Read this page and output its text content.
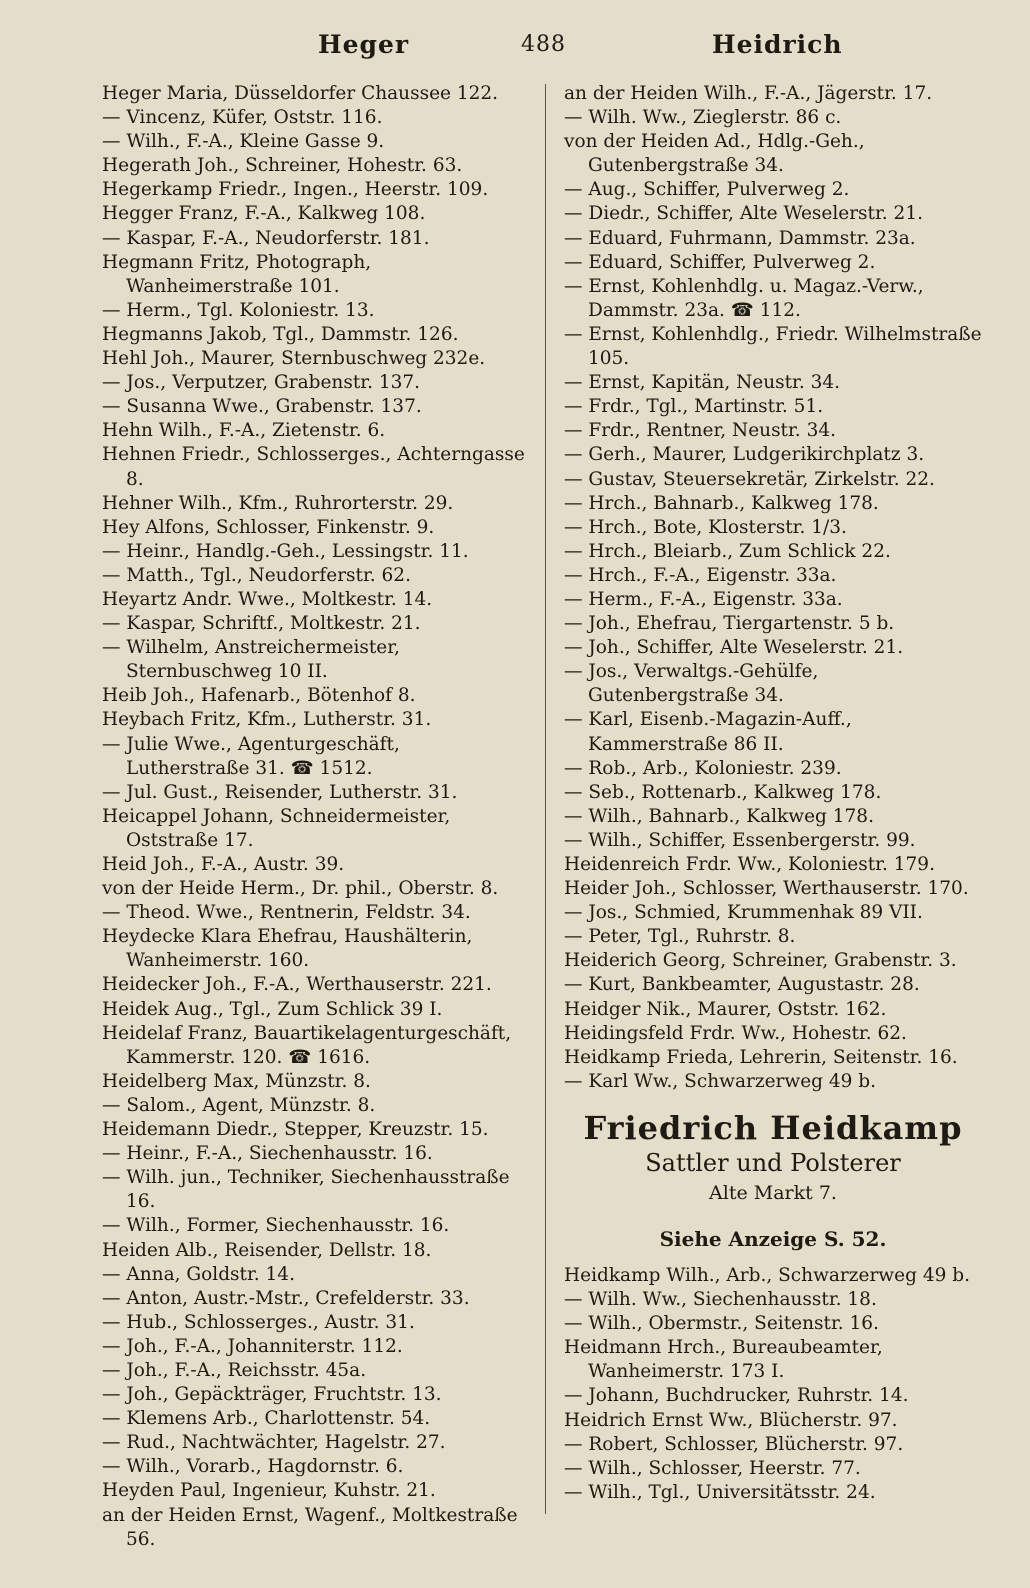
Heger	488	Heidrich
Heger Maria, Düsseldorfer Chaussee 122.
— Vincenz, Küfer, Oststr. 116.
— Wilh., F.-A., Kleine Gasse 9.
Hegerath Joh., Schreiner, Hohestr. 63.
Hegerkamp Friedr., Ingen., Heerstr. 109.
Hegger Franz, F.-A., Kalkweg 108.
— Kaspar, F.-A., Neudorferstr. 181.
Hegmann Fritz, Photograph, Wanheimerstraße 101.
— Herm., Tgl. Koloniestr. 13.
Hegmanns Jakob, Tgl., Dammstr. 126.
Hehl Joh., Maurer, Sternbuschweg 232e.
— Jos., Verputzer, Grabenstr. 137.
— Susanna Wwe., Grabenstr. 137.
Hehn Wilh., F.-A., Zietenstr. 6.
Hehnen Friedr., Schlosserges., Achterngasse 8.
Hehner Wilh., Kfm., Ruhrorterstr. 29.
Hey Alfons, Schlosser, Finkenstr. 9.
— Heinr., Handlg.-Geh., Lessingstr. 11.
— Matth., Tgl., Neudorferstr. 62.
Heyartz Andr. Wwe., Moltkestr. 14.
— Kaspar, Schriftf., Moltkestr. 21.
— Wilhelm, Anstreichermeister, Sternbuschweg 10 II.
Heib Joh., Hafenarb., Bötenhof 8.
Heybach Fritz, Kfm., Lutherstr. 31.
— Julie Wwe., Agenturgeschäft, Lutherstraße 31. ☎ 1512.
— Jul. Gust., Reisender, Lutherstr. 31.
Heicappel Johann, Schneidermeister, Oststraße 17.
Heid Joh., F.-A., Austr. 39.
von der Heide Herm., Dr. phil., Oberstr. 8.
— Theod. Wwe., Rentnerin, Feldstr. 34.
Heydecke Klara Ehefrau, Haushälterin, Wanheimerstr. 160.
Heidecker Joh., F.-A., Werthauserstr. 221.
Heidek Aug., Tgl., Zum Schlick 39 I.
Heidelaf Franz, Bauartikelagenturgeschäft, Kammerstr. 120. ☎ 1616.
Heidelberg Max, Münzstr. 8.
— Salom., Agent, Münzstr. 8.
Heidemann Diedr., Stepper, Kreuzstr. 15.
— Heinr., F.-A., Siechenhausstr. 16.
— Wilh. jun., Techniker, Siechenhausstraße 16.
— Wilh., Former, Siechenhausstr. 16.
Heiden Alb., Reisender, Dellstr. 18.
— Anna, Goldstr. 14.
— Anton, Austr.-Mstr., Crefelderstr. 33.
— Hub., Schlosserges., Austr. 31.
— Joh., F.-A., Johanniterstr. 112.
— Joh., F.-A., Reichsstr. 45a.
— Joh., Gepäckträger, Fruchtstr. 13.
— Klemens Arb., Charlottenstr. 54.
— Rud., Nachtwächter, Hagelstr. 27.
— Wilh., Vorarb., Hagdornstr. 6.
Heyden Paul, Ingenieur, Kuhstr. 21.
an der Heiden Ernst, Wagenf., Moltkestraße 56.
an der Heiden Wilh., F.-A., Jägerstr. 17.
— Wilh. Ww., Zieglerstr. 86 c.
von der Heiden Ad., Hdlg.-Geh., Gutenbergstraße 34.
— Aug., Schiffer, Pulverweg 2.
— Diedr., Schiffer, Alte Weselerstr. 21.
— Eduard, Fuhrmann, Dammstr. 23a.
— Eduard, Schiffer, Pulverweg 2.
— Ernst, Kohlenhdlg. u. Magaz.-Verw., Dammstr. 23a. ☎ 112.
— Ernst, Kohlenhdlg., Friedr. Wilhelmstraße 105.
— Ernst, Kapitän, Neustr. 34.
— Frdr., Tgl., Martinstr. 51.
— Frdr., Rentner, Neustr. 34.
— Gerh., Maurer, Ludgerikirchplatz 3.
— Gustav, Steuersekretär, Zirkelstr. 22.
— Hrch., Bahnarb., Kalkweg 178.
— Hrch., Bote, Klosterstr. 1/3.
— Hrch., Bleiarb., Zum Schlick 22.
— Hrch., F.-A., Eigenstr. 33a.
— Herm., F.-A., Eigenstr. 33a.
— Joh., Ehefrau, Tiergartenstr. 5 b.
— Joh., Schiffer, Alte Weselerstr. 21.
— Jos., Verwaltgs.-Gehülfe, Gutenbergstraße 34.
— Karl, Eisenb.-Magazin-Auff., Kammerstraße 86 II.
— Rob., Arb., Koloniestr. 239.
— Seb., Rottenarb., Kalkweg 178.
— Wilh., Bahnarb., Kalkweg 178.
— Wilh., Schiffer, Essenbergerstr. 99.
Heidenreich Frdr. Ww., Koloniestr. 179.
Heider Joh., Schlosser, Werthauserstr. 170.
— Jos., Schmied, Krummenhak 89 VII.
— Peter, Tgl., Ruhrstr. 8.
Heiderich Georg, Schreiner, Grabenstr. 3.
— Kurt, Bankbeamter, Augustastr. 28.
Heidger Nik., Maurer, Oststr. 162.
Heidingsfeld Frdr. Ww., Hohestr. 62.
Heidkamp Frieda, Lehrerin, Seitenstr. 16.
— Karl Ww., Schwarzerweg 49 b.
Friedrich Heidkamp
Sattler und Polsterer
Alte Markt 7.
Siehe Anzeige S. 52.
Heidkamp Wilh., Arb., Schwarzerweg 49 b.
— Wilh. Ww., Siechenhausstr. 18.
— Wilh., Obermstr., Seitenstr. 16.
Heidmann Hrch., Bureaubeamter, Wanheimerstr. 173 I.
— Johann, Buchdrucker, Ruhrstr. 14.
Heidrich Ernst Ww., Blücherstr. 97.
— Robert, Schlosser, Blücherstr. 97.
— Wilh., Schlosser, Heerstr. 77.
— Wilh., Tgl., Universitätsstr. 24.
